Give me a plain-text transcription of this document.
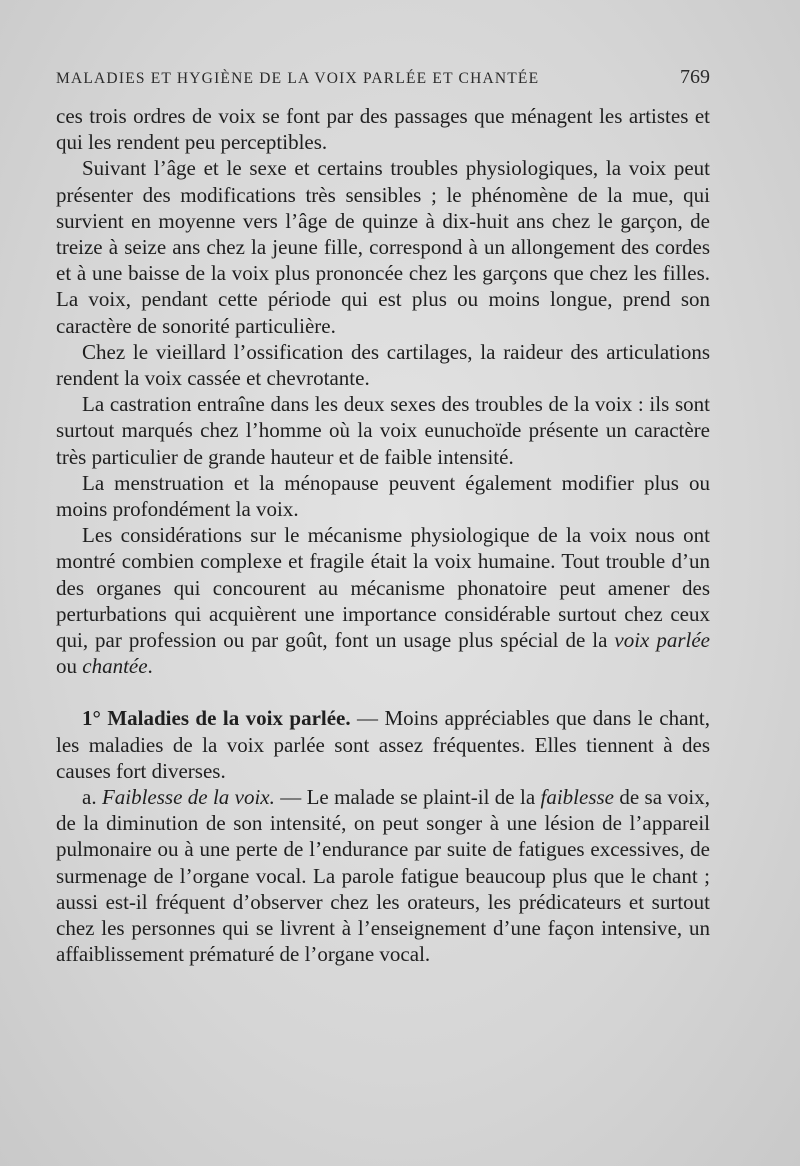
MALADIES ET HYGIÈNE DE LA VOIX PARLÉE ET CHANTÉE	769

ces trois ordres de voix se font par des passages que ménagent les artistes et qui les rendent peu perceptibles.

Suivant l’âge et le sexe et certains troubles physiologiques, la voix peut présenter des modifications très sensibles ; le phénomène de la mue, qui survient en moyenne vers l’âge de quinze à dix-huit ans chez le garçon, de treize à seize ans chez la jeune fille, correspond à un allongement des cordes et à une baisse de la voix plus prononcée chez les garçons que chez les filles. La voix, pendant cette période qui est plus ou moins longue, prend son caractère de sonorité particulière.

Chez le vieillard l’ossification des cartilages, la raideur des articulations rendent la voix cassée et chevrotante.

La castration entraîne dans les deux sexes des troubles de la voix : ils sont surtout marqués chez l’homme où la voix eunuchoïde présente un caractère très particulier de grande hauteur et de faible intensité.

La menstruation et la ménopause peuvent également modifier plus ou moins profondément la voix.

Les considérations sur le mécanisme physiologique de la voix nous ont montré combien complexe et fragile était la voix humaine. Tout trouble d’un des organes qui concourent au mécanisme phonatoire peut amener des perturbations qui acquièrent une importance considérable surtout chez ceux qui, par profession ou par goût, font un usage plus spécial de la voix parlée ou chantée.

1° Maladies de la voix parlée. — Moins appréciables que dans le chant, les maladies de la voix parlée sont assez fréquentes. Elles tiennent à des causes fort diverses.

a. Faiblesse de la voix. — Le malade se plaint-il de la faiblesse de sa voix, de la diminution de son intensité, on peut songer à une lésion de l’appareil pulmonaire ou à une perte de l’endurance par suite de fatigues excessives, de surmenage de l’organe vocal. La parole fatigue beaucoup plus que le chant ; aussi est-il fréquent d’observer chez les orateurs, les prédicateurs et surtout chez les personnes qui se livrent à l’enseignement d’une façon intensive, un affaiblissement prématuré de l’organe vocal.
